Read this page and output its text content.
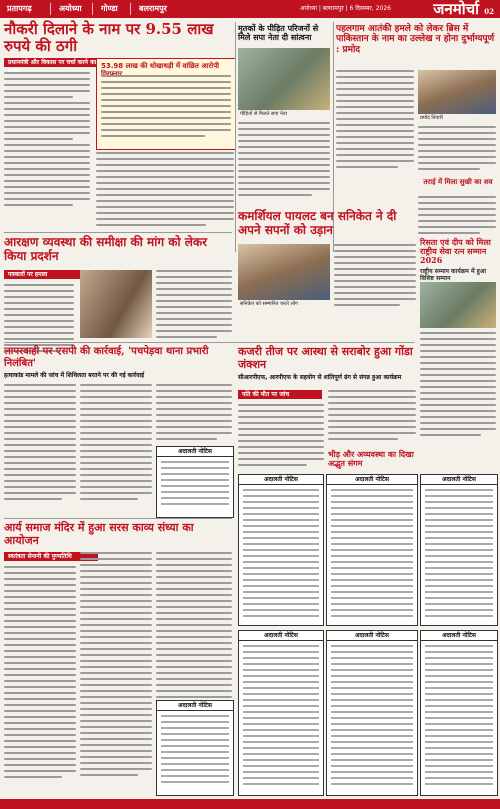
प्रतापगढ़	अयोध्या	गोण्डा	बलरामपुर	अयोध्या | बलरामपुर | 6 दिसम्बर, 2026	जनमोर्चा 02
नौकरी दिलाने के नाम पर 9.55 लाख रुपये की ठगी
प्रधानमंत्री और विकास पर चर्चा करने का 53.98 लाख की धोखाधड़ी में वांछित आरोपी
मृतकों के पीड़ित परिजनों से मिले सपा नेता दी सांत्वना
पीड़ितों से मिलते सपा नेता
पहलगाम आतंकी हमले को लेकर ब्रिस में पाकिस्तान के नाम का उल्लेख न होना दुर्भाग्यपूर्ण : प्रमोद
प्रमोद तिवारी
तराई में मिला सुखी का शव
आरक्षण व्यवस्था की समीक्षा की मांग को लेकर किया प्रदर्शन
पत्रकारों पर हमला
कमर्शियल पायलट बन सनिकेत ने दी अपने सपनों को उड़ान
सनिकेत को सम्मानित करते लोग
रिसता एवं दीप को मिला राष्ट्रीय सेवा रत्न सम्मान 2026
राष्ट्रीय सम्मान कार्यक्रम में हुआ विशिष्ट सम्मान
लापरवाही पर एसपी की कार्रवाई, 'पचपेड़वा थाना प्रभारी निलंबित'
हत्याकांड मामले की जांच में शिथिलता बरतने पर की गई कार्रवाई
अदालती नोटिस
कजरी तीज पर आस्था से सराबोर हुआ गोंडा जंक्शन
सीआरपीएफ, आरपीएफ के सहयोग से शांतिपूर्ण ढंग से संपन्न हुआ कार्यक्रम
पति की मौत पर जांच
भीड़ और अव्यवस्था का दिखा अद्भुत संगम
आर्य समाज मंदिर में हुआ सरस काव्य संध्या का आयोजन
स्वतंत्रता सेनानी की पुण्यतिथि
अदालती नोटिस	अदालती नोटिस	अदालती नोटिस
अदालती नोटिस	अदालती नोटिस	अदालती नोटिस
अदालती नोटिस
